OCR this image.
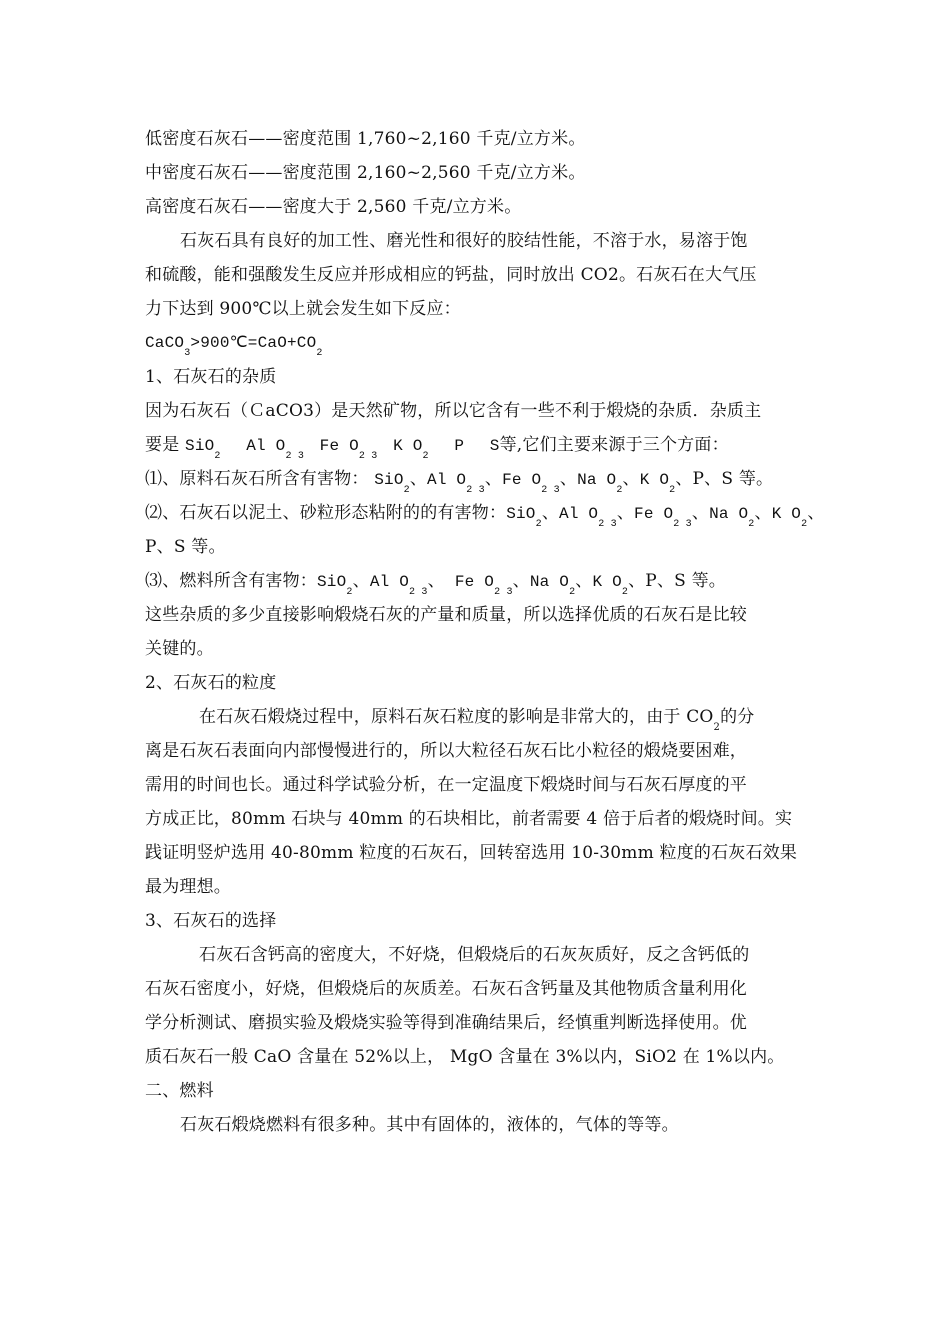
低密度石灰石——密度范围 1,760~2,160 千克/立方米。
中密度石灰石——密度范围 2,160~2,560 千克/立方米。
高密度石灰石——密度大于 2,560 千克/立方米。
石灰石具有良好的加工性、磨光性和很好的胶结性能，不溶于水，易溶于饱
和硫酸，能和强酸发生反应并形成相应的钙盐，同时放出 CO2。石灰石在大气压
力下达到 900℃以上就会发生如下反应：
$CaCO_3>900℃=CaO+CO_2$
1、石灰石的杂质
因为石灰石（ＣaCO3）是天然矿物，所以它含有一些不利于煅烧的杂质．杂质主
要是 SiO$_2$ Al $O_{2 3}$ Fe $O_{2 3}$ K $O_2$ P S等,它们主要来源于三个方面：
⑴、原料石灰石所含有害物： SiO$_2$、Al $O_{2 3}$、Fe $O_{2 3}$、Na $O_2$、K $O_2$、P、S 等。
⑵、石灰石以泥土、砂粒形态粘附的的有害物：SiO$_2$、Al $O_{2 3}$、Fe $O_{2 3}$、Na $O_2$、K $O_2$、
P、S 等。
⑶、燃料所含有害物：SiO$_2$、Al $O_{2 3}$、 Fe $O_{2 3}$、Na $O_2$、K $O_2$、P、S 等。
这些杂质的多少直接影响煅烧石灰的产量和质量，所以选择优质的石灰石是比较
关键的。
2、石灰石的粒度
在石灰石煅烧过程中，原料石灰石粒度的影响是非常大的，由于 $CO_2$的分
离是石灰石表面向内部慢慢进行的，所以大粒径石灰石比小粒径的煅烧要困难，
需用的时间也长。通过科学试验分析，在一定温度下煅烧时间与石灰石厚度的平
方成正比，80mm 石块与 40mm 的石块相比，前者需要 4 倍于后者的煅烧时间。实
践证明竖炉选用 40-80mm 粒度的石灰石，回转窑选用 10-30mm 粒度的石灰石效果
最为理想。
3、石灰石的选择
石灰石含钙高的密度大，不好烧，但煅烧后的石灰灰质好，反之含钙低的
石灰石密度小，好烧，但煅烧后的灰质差。石灰石含钙量及其他物质含量利用化
学分析测试、磨损实验及煅烧实验等得到准确结果后，经慎重判断选择使用。优
质石灰石一般 CaO 含量在 52%以上， MgO 含量在 3%以内，SiO2 在 1%以内。
二、燃料
石灰石煅烧燃料有很多种。其中有固体的，液体的，气体的等等。
